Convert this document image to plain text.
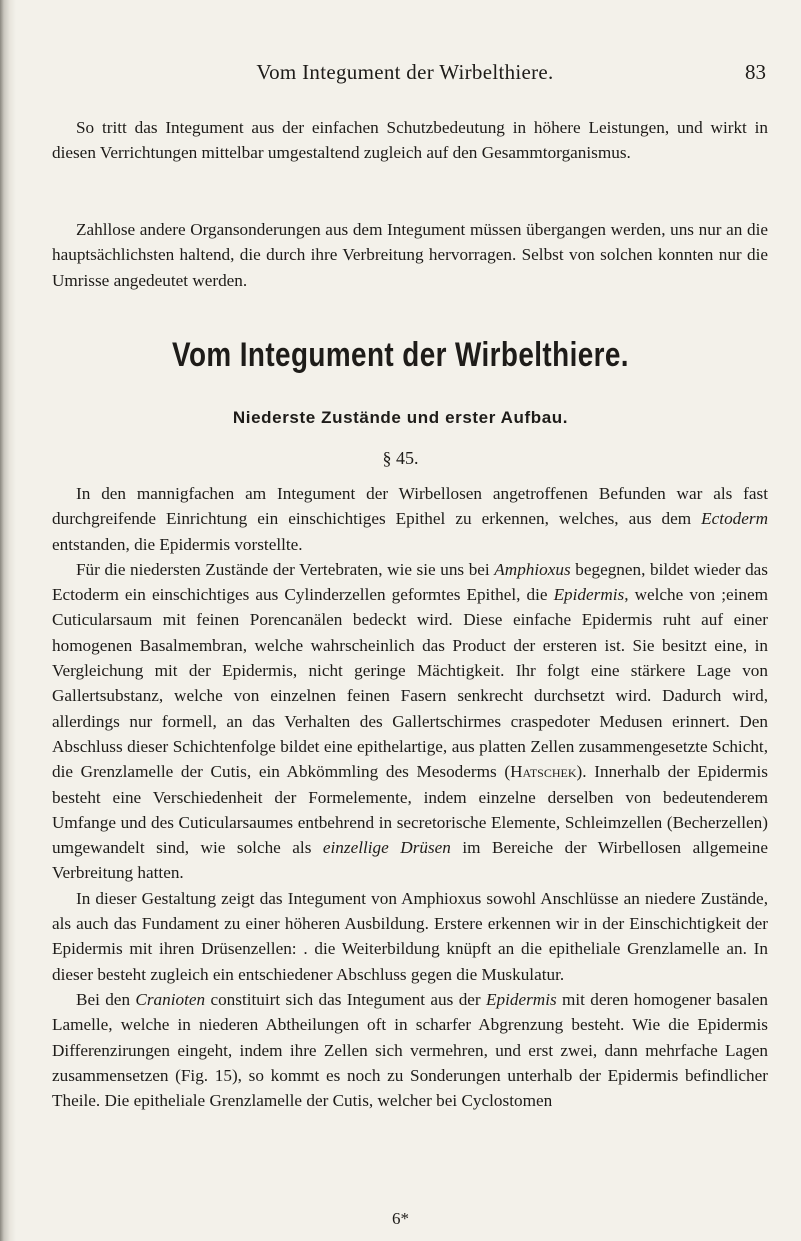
Vom Integument der Wirbelthiere.	83

So tritt das Integument aus der einfachen Schutzbedeutung in höhere Leistungen, und wirkt in diesen Verrichtungen mittelbar umgestaltend zugleich auf den Gesammtorganismus.

Zahllose andere Organsonderungen aus dem Integument müssen übergangen werden, uns nur an die hauptsächlichsten haltend, die durch ihre Verbreitung hervorragen. Selbst von solchen konnten nur die Umrisse angedeutet werden.

Vom Integument der Wirbelthiere.
Niederste Zustände und erster Aufbau.
§ 45.

In den mannigfachen am Integument der Wirbellosen angetroffenen Befunden war als fast durchgreifende Einrichtung ein einschichtiges Epithel zu erkennen, welches, aus dem Ectoderm entstanden, die Epidermis vorstellte.

Für die niedersten Zustände der Vertebraten, wie sie uns bei Amphioxus begegnen, bildet wieder das Ectoderm ein einschichtiges aus Cylinderzellen geformtes Epithel, die Epidermis, welche von ;einem Cuticularsaum mit feinen Porencanälen bedeckt wird. Diese einfache Epidermis ruht auf einer homogenen Basalmembran, welche wahrscheinlich das Product der ersteren ist. Sie besitzt eine, in Vergleichung mit der Epidermis, nicht geringe Mächtigkeit. Ihr folgt eine stärkere Lage von Gallertsubstanz, welche von einzelnen feinen Fasern senkrecht durchsetzt wird. Dadurch wird, allerdings nur formell, an das Verhalten des Gallertschirmes craspedoter Medusen erinnert. Den Abschluss dieser Schichtenfolge bildet eine epithelartige, aus platten Zellen zusammengesetzte Schicht, die Grenzlamelle der Cutis, ein Abkömmling des Mesoderms (Hatschek). Innerhalb der Epidermis besteht eine Verschiedenheit der Formelemente, indem einzelne derselben von bedeutenderem Umfange und des Cuticularsaumes entbehrend in secretorische Elemente, Schleimzellen (Becherzellen) umgewandelt sind, wie solche als einzellige Drüsen im Bereiche der Wirbellosen allgemeine Verbreitung hatten.

In dieser Gestaltung zeigt das Integument von Amphioxus sowohl Anschlüsse an niedere Zustände, als auch das Fundament zu einer höheren Ausbildung. Erstere erkennen wir in der Einschichtigkeit der Epidermis mit ihren Drüsenzellen: . die Weiterbildung knüpft an die epitheliale Grenzlamelle an. In dieser besteht zugleich ein entschiedener Abschluss gegen die Muskulatur.

Bei den Cranioten constituirt sich das Integument aus der Epidermis mit deren homogener basalen Lamelle, welche in niederen Abtheilungen oft in scharfer Abgrenzung besteht. Wie die Epidermis Differenzirungen eingeht, indem ihre Zellen sich vermehren, und erst zwei, dann mehrfache Lagen zusammensetzen (Fig. 15), so kommt es noch zu Sonderungen unterhalb der Epidermis befindlicher Theile. Die epitheliale Grenzlamelle der Cutis, welcher bei Cyclostomen

6*
